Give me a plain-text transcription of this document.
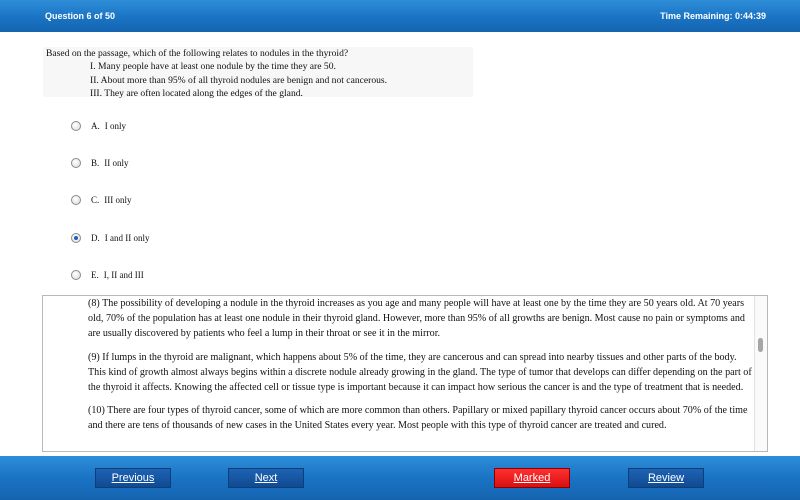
Question 6 of 50	Time Remaining: 0:44:39
Based on the passage, which of the following relates to nodules in the thyroid?
I. Many people have at least one nodule by the time they are 50.
II. About more than 95% of all thyroid nodules are benign and not cancerous.
III. They are often located along the edges of the gland.
A. I only
B. II only
C. III only
D. I and II only
E. I, II and III

(8) The possibility of developing a nodule in the thyroid increases as you age and many people will have at least one by the time they are 50 years old. At 70 years old, 70% of the population has at least one nodule in their thyroid gland. However, more than 95% of all growths are benign. Most cause no pain or symptoms and are usually discovered by patients who feel a lump in their throat or see it in the mirror.

(9) If lumps in the thyroid are malignant, which happens about 5% of the time, they are cancerous and can spread into nearby tissues and other parts of the body. This kind of growth almost always begins within a discrete nodule already growing in the gland. The type of tumor that develops can differ depending on the part of the thyroid it affects. Knowing the affected cell or tissue type is important because it can impact how serious the cancer is and the type of treatment that is needed.

(10) There are four types of thyroid cancer, some of which are more common than others. Papillary or mixed papillary thyroid cancer occurs about 70% of the time and there are tens of thousands of new cases in the United States every year. Most people with this type of thyroid cancer are treated and cured.

Previous	Next	Marked	Review
